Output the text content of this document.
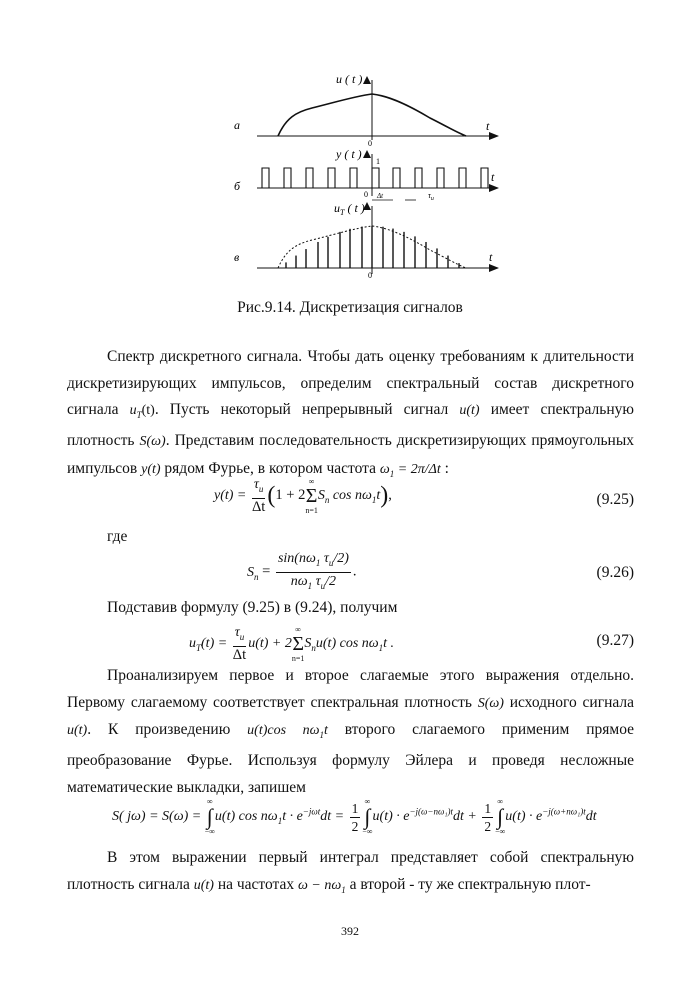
а
u ( t )
t
0
б
y ( t )
t
0
1
Δt	$\tau_и$
в
$u_T$ ( t )
t
0
Рис.9.14. Дискретизация сигналов

Спектр дискретного сигнала. Чтобы дать оценку требованиям к длительности дискретизирующих импульсов, определим спектральный состав дискретного сигнала $u_T(t)$. Пусть некоторый непрерывный сигнал u(t) имеет спектральную плотность S(ω). Представим последовательность дискретизирующих прямоугольных импульсов y(t) рядом Фурье, в котором частота $\omega_1 = 2\pi/\Delta t$ :

$y(t) = \frac{\tau_и}{\Delta t} (1 + 2\infty$
Σ
$n=1S_n$ $\cos n\omega_1t$),	(9.25)
где
$S_n = \frac{\sin(n\omega_1 \tau_и/2)}{n\omega_1 \tau_и/2}$ .	(9.26)

Подставив формулу (9.25) в (9.24), получим

$u_T(t) = \frac{\tau_и}{\Delta t} u(t) + 2\infty$
Σ
$n=1S_nu(t)$ $\cos n\omega_1t$ .	(9.27)

Проанализируем первое и второе слагаемые этого выражения отдельно. Первому слагаемому соответствует спектральная плотность S(ω) исходного сигнала u(t). К произведению u(t)cos $n\omega_1t$ второго слагаемого применим прямое преобразование Фурье. Используя формулу Эйлера и проведя несложные математические выкладки, запишем

S( jω) = S(ω) = ∞
∫
−∞u(t) $\cos n\omega_1t \cdot e^{-j\omega t}dt = \frac{1}{2}$ ∞
∫
$-\infty u(t) \cdot e^{-j(\omega-n\omega_1)t}dt + \frac{1}{2}$ ∞
∫
$-\infty u(t) \cdot e^{-j(\omega+n\omega_1)t}dt$

В этом выражении первый интеграл представляет собой спектральную плотность сигнала u(t) на частотах $\omega - n\omega_1$ а второй - ту же спектральную плот-

392
